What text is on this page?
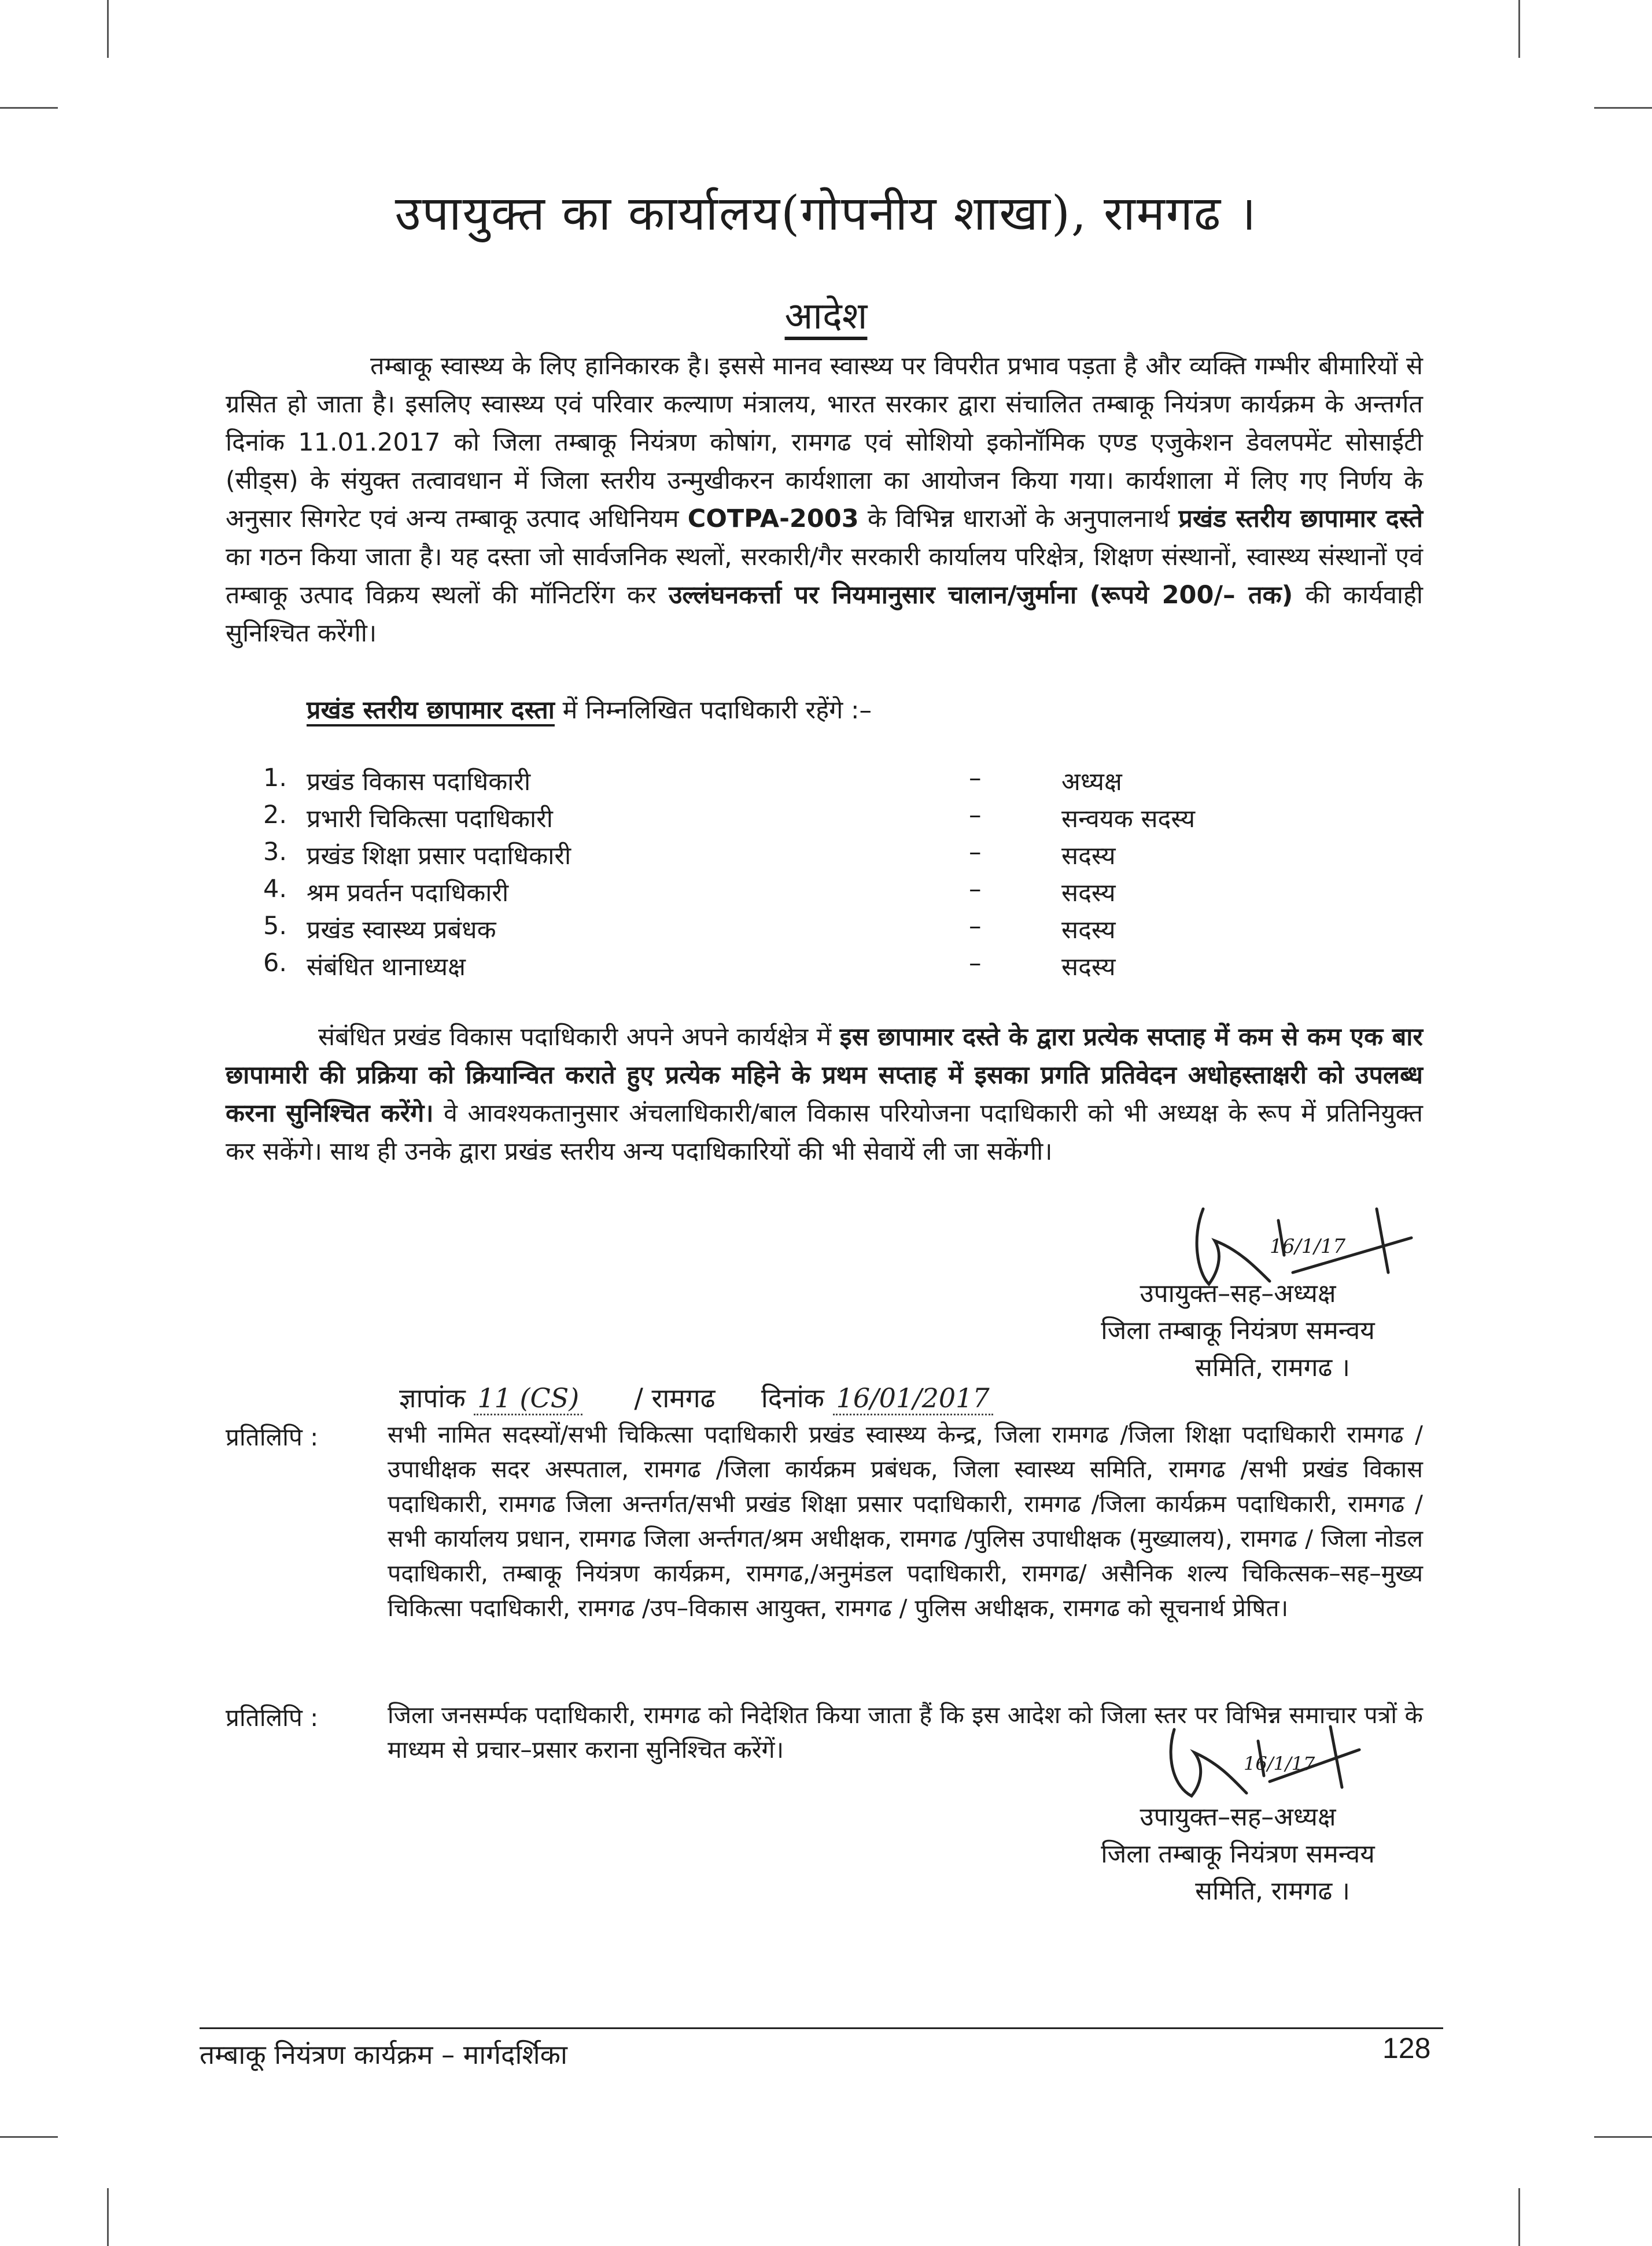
उपायुक्त का कार्यालय(गोपनीय शाखा), रामगढ ।
आदेश
तम्बाकू स्वास्थ्य के लिए हानिकारक है। इससे मानव स्वास्थ्य पर विपरीत प्रभाव पड़ता है और व्यक्ति गम्भीर बीमारियों से ग्रसित हो जाता है। इसलिए स्वास्थ्य एवं परिवार कल्याण मंत्रालय, भारत सरकार द्वारा संचालित तम्बाकू नियंत्रण कार्यक्रम के अन्तर्गत दिनांक 11.01.2017 को जिला तम्बाकू नियंत्रण कोषांग, रामगढ एवं सोशियो इकोनॉमिक एण्ड एजुकेशन डेवलपमेंट सोसाईटी (सीड्स) के संयुक्त तत्वावधान में जिला स्तरीय उन्मुखीकरन कार्यशाला का आयोजन किया गया। कार्यशाला में लिए गए निर्णय के अनुसार सिगरेट एवं अन्य तम्बाकू उत्पाद अधिनियम COTPA-2003 के विभिन्न धाराओं के अनुपालनार्थ प्रखंड स्तरीय छापामार दस्ते का गठन किया जाता है। यह दस्ता जो सार्वजनिक स्थलों, सरकारी/गैर सरकारी कार्यालय परिक्षेत्र, शिक्षण संस्थानों, स्वास्थ्य संस्थानों एवं तम्बाकू उत्पाद विक्रय स्थलों की मॉनिटरिंग कर उल्लंघनकर्त्ता पर नियमानुसार चालान/जुर्माना (रूपये 200/– तक) की कार्यवाही सुनिश्चित करेंगी।
प्रखंड स्तरीय छापामार दस्ता में निम्नलिखित पदाधिकारी रहेंगे :–
1. प्रखंड विकास पदाधिकारी	–	अध्यक्ष
2. प्रभारी चिकित्सा पदाधिकारी	–	सन्वयक सदस्य
3. प्रखंड शिक्षा प्रसार पदाधिकारी	–	सदस्य
4. श्रम प्रवर्तन पदाधिकारी	–	सदस्य
5. प्रखंड स्वास्थ्य प्रबंधक	–	सदस्य
6. संबंधित थानाध्यक्ष	–	सदस्य
संबंधित प्रखंड विकास पदाधिकारी अपने अपने कार्यक्षेत्र में इस छापामार दस्ते के द्वारा प्रत्येक सप्ताह में कम से कम एक बार छापामारी की प्रक्रिया को क्रियान्वित कराते हुए प्रत्येक महिने के प्रथम सप्ताह में इसका प्रगति प्रतिवेदन अधोहस्ताक्षरी को उपलब्ध करना सुनिश्चित करेंगे। वे आवश्यकतानुसार अंचलाधिकारी/बाल विकास परियोजना पदाधिकारी को भी अध्यक्ष के रूप में प्रतिनियुक्त कर सकेंगे। साथ ही उनके द्वारा प्रखंड स्तरीय अन्य पदाधिकारियों की भी सेवायें ली जा सकेंगी।
16/1/17
उपायुक्त–सह–अध्यक्ष
जिला तम्बाकू नियंत्रण समन्वय
समिति, रामगढ ।
ज्ञापांक 11 (CS) / रामगढ दिनांक 16/01/2017
प्रतिलिपि :	सभी नामित सदस्यों/सभी चिकित्सा पदाधिकारी प्रखंड स्वास्थ्य केन्द्र, जिला रामगढ /जिला शिक्षा पदाधिकारी रामगढ /उपाधीक्षक सदर अस्पताल, रामगढ /जिला कार्यक्रम प्रबंधक, जिला स्वास्थ्य समिति, रामगढ /सभी प्रखंड विकास पदाधिकारी, रामगढ जिला अन्तर्गत/सभी प्रखंड शिक्षा प्रसार पदाधिकारी, रामगढ /जिला कार्यक्रम पदाधिकारी, रामगढ / सभी कार्यालय प्रधान, रामगढ जिला अर्न्तगत/श्रम अधीक्षक, रामगढ /पुलिस उपाधीक्षक (मुख्यालय), रामगढ / जिला नोडल पदाधिकारी, तम्बाकू नियंत्रण कार्यक्रम, रामगढ,/अनुमंडल पदाधिकारी, रामगढ/ असैनिक शल्य चिकित्सक–सह–मुख्य चिकित्सा पदाधिकारी, रामगढ /उप–विकास आयुक्त, रामगढ / पुलिस अधीक्षक, रामगढ को सूचनार्थ प्रेषित।
प्रतिलिपि :	जिला जनसर्म्पक पदाधिकारी, रामगढ को निदेशित किया जाता हैं कि इस आदेश को जिला स्तर पर विभिन्न समाचार पत्रों के माध्यम से प्रचार–प्रसार कराना सुनिश्चित करेंगें।	16/1/17
उपायुक्त–सह–अध्यक्ष
जिला तम्बाकू नियंत्रण समन्वय
समिति, रामगढ ।
तम्बाकू नियंत्रण कार्यक्रम – मार्गदर्शिका	128
